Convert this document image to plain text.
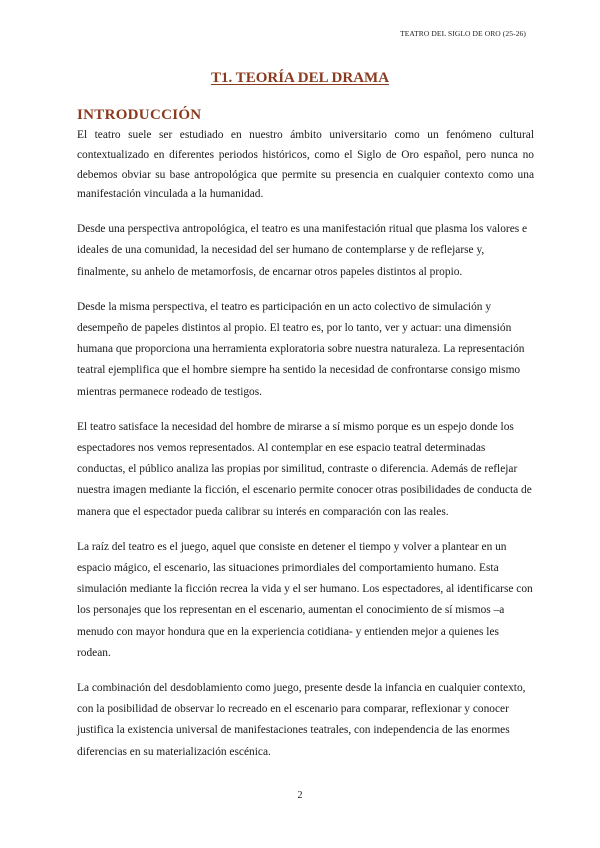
TEATRO DEL SIGLO DE ORO (25-26)
T1. TEORÍA DEL DRAMA
INTRODUCCIÓN

El teatro suele ser estudiado en nuestro ámbito universitario como un fenómeno cultural contextualizado en diferentes periodos históricos, como el Siglo de Oro español, pero nunca no debemos obviar su base antropológica que permite su presencia en cualquier contexto como una manifestación vinculada a la humanidad.

Desde una perspectiva antropológica, el teatro es una manifestación ritual que plasma los valores e ideales de una comunidad, la necesidad del ser humano de contemplarse y de reflejarse y, finalmente, su anhelo de metamorfosis, de encarnar otros papeles distintos al propio.

Desde la misma perspectiva, el teatro es participación en un acto colectivo de simulación y desempeño de papeles distintos al propio. El teatro es, por lo tanto, ver y actuar: una dimensión humana que proporciona una herramienta exploratoria sobre nuestra naturaleza. La representación teatral ejemplifica que el hombre siempre ha sentido la necesidad de confrontarse consigo mismo mientras permanece rodeado de testigos.

El teatro satisface la necesidad del hombre de mirarse a sí mismo porque es un espejo donde los espectadores nos vemos representados. Al contemplar en ese espacio teatral determinadas conductas, el público analiza las propias por similitud, contraste o diferencia. Además de reflejar nuestra imagen mediante la ficción, el escenario permite conocer otras posibilidades de conducta de manera que el espectador pueda calibrar su interés en comparación con las reales.

La raíz del teatro es el juego, aquel que consiste en detener el tiempo y volver a plantear en un espacio mágico, el escenario, las situaciones primordiales del comportamiento humano. Esta simulación mediante la ficción recrea la vida y el ser humano. Los espectadores, al identificarse con los personajes que los representan en el escenario, aumentan el conocimiento de sí mismos –a menudo con mayor hondura que en la experiencia cotidiana- y entienden mejor a quienes les rodean.

La combinación del desdoblamiento como juego, presente desde la infancia en cualquier contexto, con la posibilidad de observar lo recreado en el escenario para comparar, reflexionar y conocer justifica la existencia universal de manifestaciones teatrales, con independencia de las enormes diferencias en su materialización escénica.

2
